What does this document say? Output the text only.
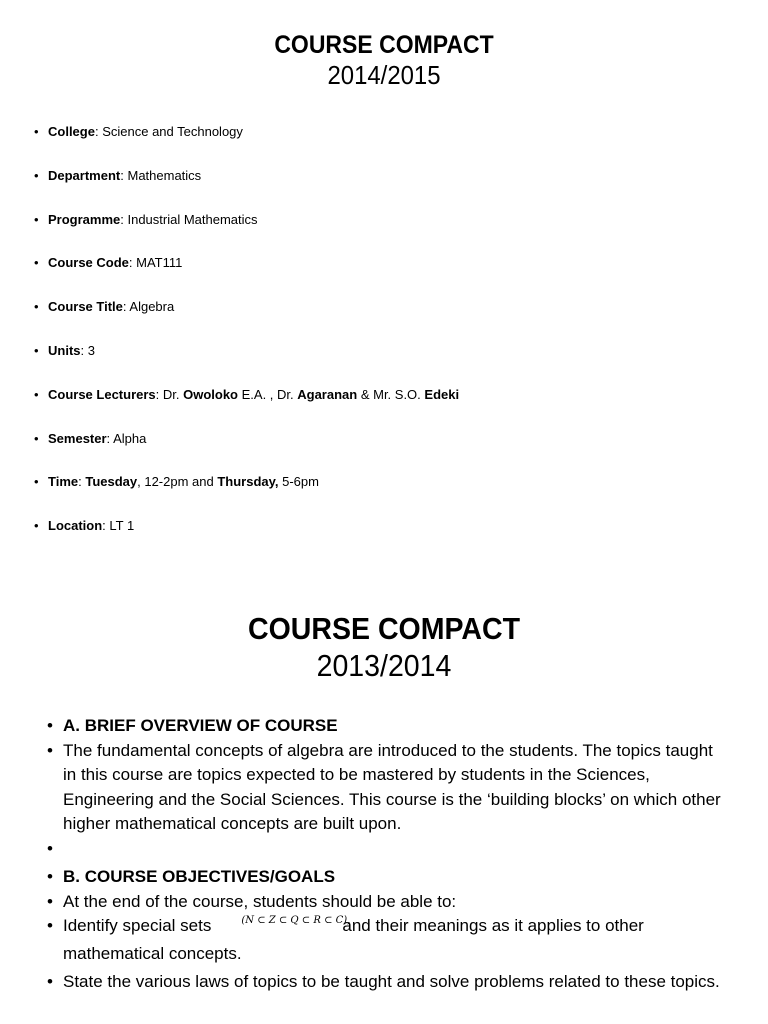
COURSE COMPACT
2014/2015
• College: Science and Technology
• Department: Mathematics
• Programme: Industrial Mathematics
• Course Code: MAT111
• Course Title: Algebra
• Units: 3
• Course Lecturers: Dr. Owoloko E.A. , Dr. Agaranan & Mr. S.O. Edeki
• Semester: Alpha
• Time: Tuesday, 12-2pm and Thursday, 5-6pm
• Location: LT 1
COURSE COMPACT
2013/2014
• A. BRIEF OVERVIEW OF COURSE
• The fundamental concepts of algebra are introduced to the students. The topics taught in this course are topics expected to be mastered by students in the Sciences, Engineering and the Social Sciences. This course is the ‘building blocks’ on which other higher mathematical concepts are built upon.
•

• B. COURSE OBJECTIVES/GOALS
• At the end of the course, students should be able to:
• Identify special sets	$^{(N \subset Z \subset Q \subset R \subset C),}$and their meanings as it applies to other mathematical concepts.
• State the various laws of topics to be taught and solve problems related to these topics.
